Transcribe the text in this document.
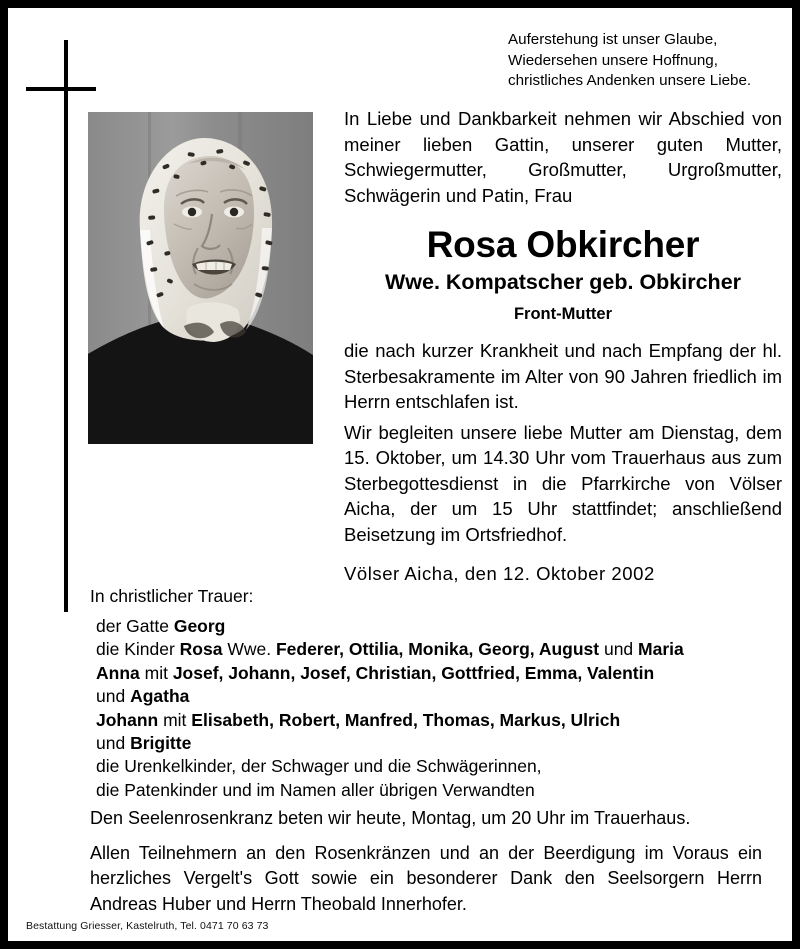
Auferstehung ist unser Glaube,
Wiedersehen unsere Hoffnung,
christliches Andenken unsere Liebe.

In Liebe und Dankbarkeit nehmen wir Abschied von meiner lieben Gattin, unserer guten Mutter, Schwiegermutter, Großmutter, Urgroßmutter, Schwägerin und Patin, Frau

Rosa Obkircher
Wwe. Kompatscher geb. Obkircher
Front-Mutter

die nach kurzer Krankheit und nach Empfang der hl. Sterbesakramente im Alter von 90 Jahren friedlich im Herrn entschlafen ist.

Wir begleiten unsere liebe Mutter am Dienstag, dem 15. Oktober, um 14.30 Uhr vom Trauerhaus aus zum Sterbegottesdienst in die Pfarrkirche von Völser Aicha, der um 15 Uhr stattfindet; anschließend Beisetzung im Ortsfriedhof.

Völser Aicha, den 12. Oktober 2002
In christlicher Trauer:
der Gatte Georg
die Kinder Rosa Wwe. Federer, Ottilia, Monika, Georg, August und Maria
Anna mit Josef, Johann, Josef, Christian, Gottfried, Emma, Valentin
und Agatha
Johann mit Elisabeth, Robert, Manfred, Thomas, Markus, Ulrich
und Brigitte
die Urenkelkinder, der Schwager und die Schwägerinnen,
die Patenkinder und im Namen aller übrigen Verwandten

Den Seelenrosenkranz beten wir heute, Montag, um 20 Uhr im Trauerhaus.

Allen Teilnehmern an den Rosenkränzen und an der Beerdigung im Voraus ein herzliches Vergelt's Gott sowie ein besonderer Dank den Seelsorgern Herrn Andreas Huber und Herrn Theobald Innerhofer.

Bestattung Griesser, Kastelruth, Tel. 0471 70 63 73
